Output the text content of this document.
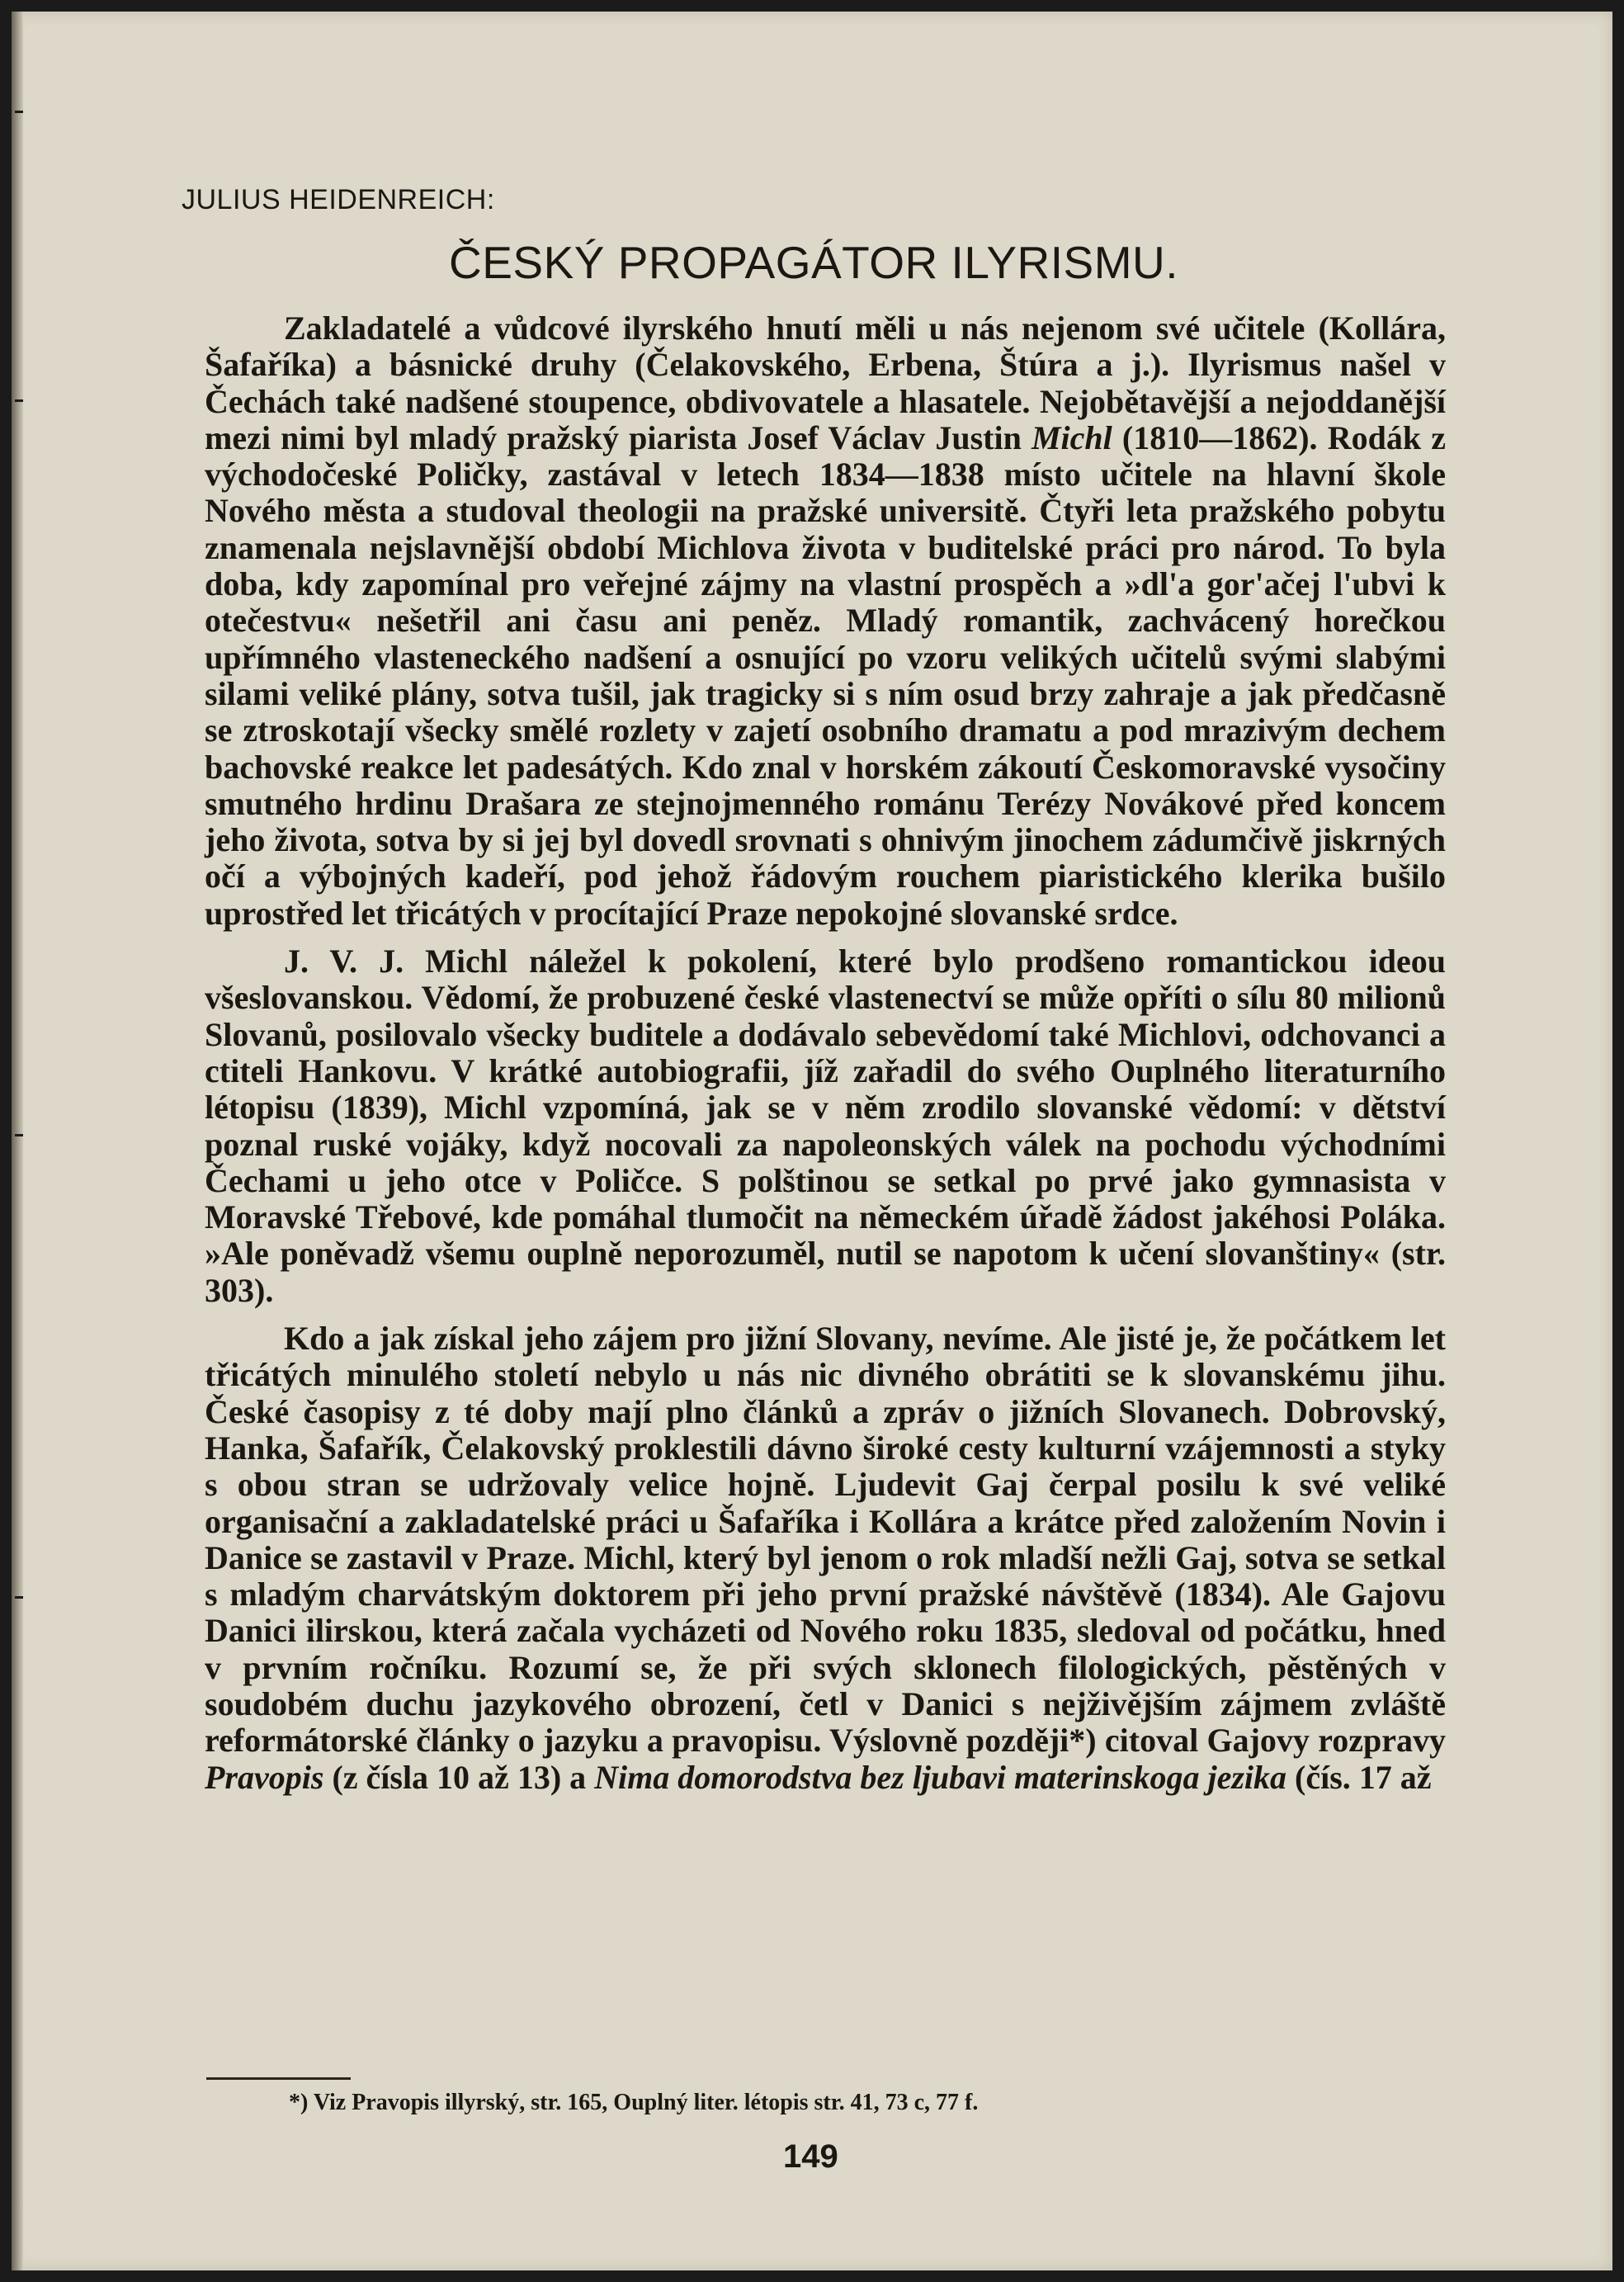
JULIUS HEIDENREICH:
ČESKÝ PROPAGÁTOR ILYRISMU.

Zakladatelé a vůdcové ilyrského hnutí měli u nás nejenom své učitele (Kollára, Šafaříka) a básnické druhy (Čelakovského, Erbena, Štúra a j.). Ilyrismus našel v Čechách také nadšené stoupence, obdivovatele a hlasatele. Nejobětavější a nejoddanější mezi nimi byl mladý pražský piarista Josef Václav Justin Michl (1810—1862). Rodák z východočeské Poličky, zastával v letech 1834—1838 místo učitele na hlavní škole Nového města a studoval theologii na pražské universitě. Čtyři leta pražského pobytu znamenala nejslavnější období Michlova života v buditelské práci pro národ. To byla doba, kdy zapomínal pro veřejné zájmy na vlastní prospěch a »dl'a gor'ačej l'ubvi k otečestvu« nešetřil ani času ani peněz. Mladý romantik, zachvácený horečkou upřímného vlasteneckého nadšení a osnující po vzoru velikých učitelů svými slabými silami veliké plány, sotva tušil, jak tragicky si s ním osud brzy zahraje a jak předčasně se ztroskotají všecky smělé rozlety v zajetí osobního dramatu a pod mrazivým dechem bachovské reakce let padesátých. Kdo znal v horském zákoutí Českomoravské vysočiny smutného hrdinu Drašara ze stejnojmenného románu Terézy Novákové před koncem jeho života, sotva by si jej byl dovedl srovnati s ohnivým jinochem zádumčivě jiskrných očí a výbojných kadeří, pod jehož řádovým rouchem piaristického klerika bušilo uprostřed let třicátých v procítající Praze nepokojné slovanské srdce.

J. V. J. Michl náležel k pokolení, které bylo prodšeno romantickou ideou všeslovanskou. Vědomí, že probuzené české vlastenectví se může opříti o sílu 80 milionů Slovanů, posilovalo všecky buditele a dodávalo sebevědomí také Michlovi, odchovanci a ctiteli Hankovu. V krátké autobiografii, jíž zařadil do svého Ouplného literaturního létopisu (1839), Michl vzpomíná, jak se v něm zrodilo slovanské vědomí: v dětství poznal ruské vojáky, když nocovali za napoleonských válek na pochodu východními Čechami u jeho otce v Poličce. S polštinou se setkal po prvé jako gymnasista v Moravské Třebové, kde pomáhal tlumočit na německém úřadě žádost jakéhosi Poláka. »Ale poněvadž všemu ouplně neporozuměl, nutil se napotom k učení slovanštiny« (str. 303).

Kdo a jak získal jeho zájem pro jižní Slovany, nevíme. Ale jisté je, že počátkem let třicátých minulého století nebylo u nás nic divného obrátiti se k slovanskému jihu. České časopisy z té doby mají plno článků a zpráv o jižních Slovanech. Dobrovský, Hanka, Šafařík, Čelakovský proklestili dávno široké cesty kulturní vzájemnosti a styky s obou stran se udržovaly velice hojně. Ljudevit Gaj čerpal posilu k své veliké organisační a zakladatelské práci u Šafaříka i Kollára a krátce před založením Novin i Danice se zastavil v Praze. Michl, který byl jenom o rok mladší nežli Gaj, sotva se setkal s mladým charvátským doktorem při jeho první pražské návštěvě (1834). Ale Gajovu Danici ilirskou, která začala vycházeti od Nového roku 1835, sledoval od počátku, hned v prvním ročníku. Rozumí se, že při svých sklonech filologických, pěstěných v soudobém duchu jazykového obrození, četl v Danici s nejživějším zájmem zvláště reformátorské články o jazyku a pravopisu. Výslovně později*) citoval Gajovy rozpravy Pravopis (z čísla 10 až 13) a Nima domorodstva bez ljubavi materinskoga jezika (čís. 17 až

*) Viz Pravopis illyrský, str. 165, Ouplný liter. létopis str. 41, 73 c, 77 f.
149
